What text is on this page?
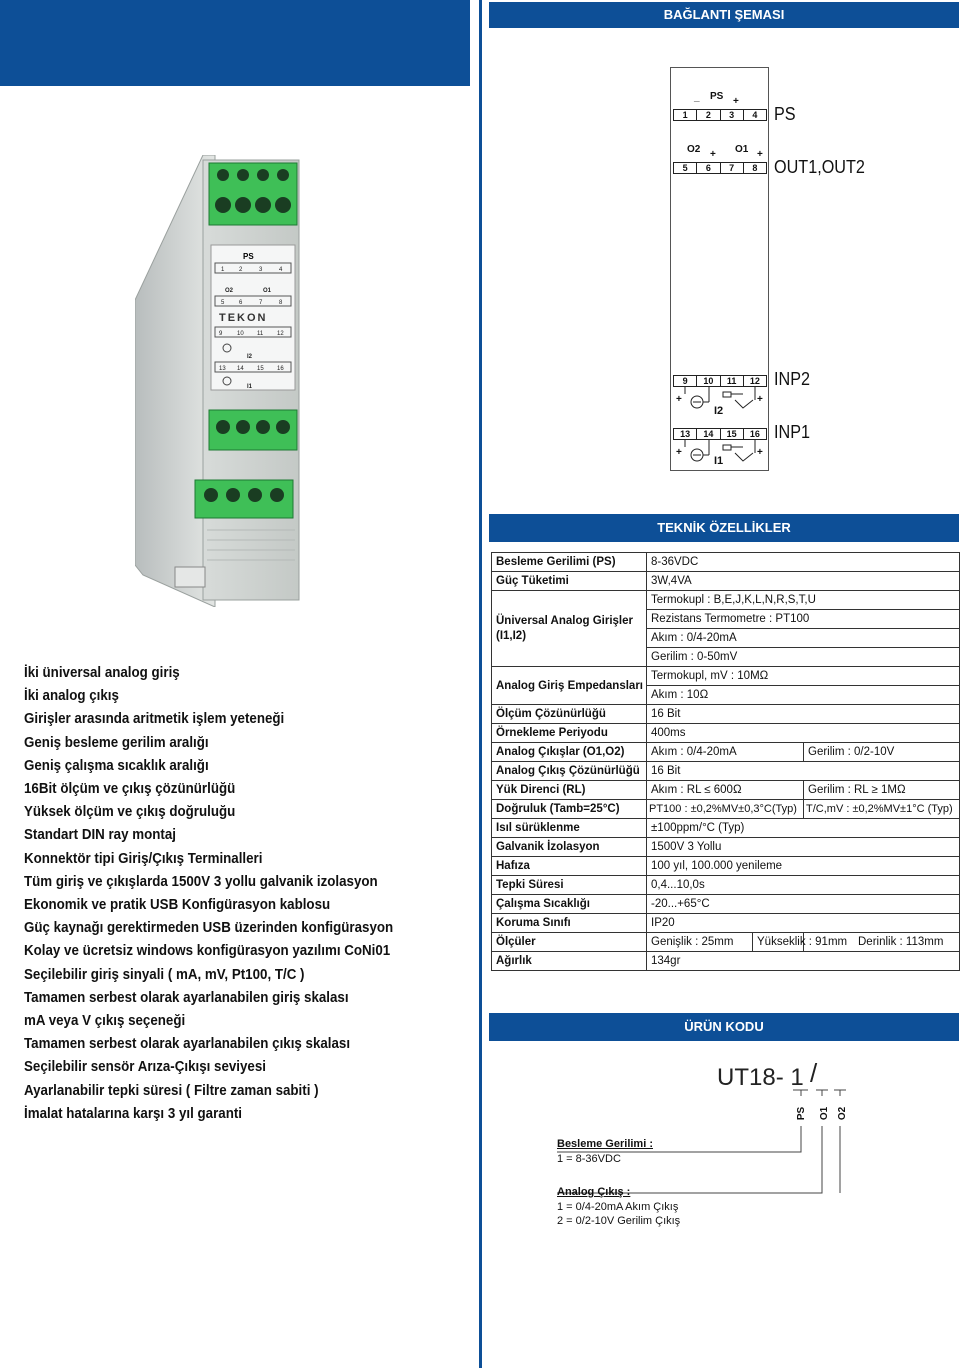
BAĞLANTI ŞEMASI
TEKNİK ÖZELLİKLER
ÜRÜN KODU
PS
1 2	3	4
O2	O1
5 6	7	8
TEKON
9 10 11 12
I2
13 14 15 16
I1
İki üniversal analog giriş
İki analog çıkış
Girişler arasında aritmetik işlem yeteneği
Geniş besleme gerilim aralığı
Geniş çalışma sıcaklık aralığı
16Bit ölçüm ve çıkış çözünürlüğü
Yüksek ölçüm ve çıkış doğruluğu
Standart DIN ray montaj
Konnektör tipi Giriş/Çıkış Terminalleri
Tüm giriş ve çıkışlarda 1500V 3 yollu galvanik izolasyon
Ekonomik ve pratik USB Konfigürasyon kablosu
Güç kaynağı gerektirmeden USB üzerinden konfigürasyon
Kolay ve ücretsiz windows konfigürasyon yazılımı CoNi01
Seçilebilir giriş sinyali ( mA, mV, Pt100, T/C )
Tamamen serbest olarak ayarlanabilen giriş skalası
mA veya V çıkış seçeneği
Tamamen serbest olarak ayarlanabilen çıkış skalası
Seçilebilir sensör Arıza-Çıkışı seviyesi
Ayarlanabilir tepki süresi ( Filtre zaman sabiti )
İmalat hatalarına karşı 3 yıl garanti
PS
_	+
1	2	3	4 PS
O2 + O1 +
5	6	7	8 OUT1,OUT2
9	10	11	12 INP2
I2
+	+
13	14	15	16 INP1
I1
+	+
Besleme Gerilimi (PS)	8-36VDC		
Güç Tüketimi	3W,4VA		
Üniversal Analog Girişler (I1,I2)	Termokupl : B,E,J,K,L,N,R,S,T,U		
	Rezistans Termometre : PT100		
	Akım : 0/4-20mA		
	Gerilim : 0-50mV		
Analog Giriş Empedansları	Termokupl, mV : 10MΩ		
	Akım : 10Ω		
Ölçüm Çözünürlüğü	16 Bit		
Örnekleme Periyodu	400ms		
Analog Çıkışlar (O1,O2)	Akım : 0/4-20mA		Gerilim : 0/2-10V
Analog Çıkış Çözünürlüğü	16 Bit		
Yük Direnci (RL)	Akım : RL ≤ 600Ω		Gerilim : RL ≥ 1MΩ
Doğruluk (Tamb=25°C)	PT100 : ±0,2%MV±0,3°C(Typ)		T/C,mV : ±0,2%MV±1°C (Typ)
Isıl sürüklenme	±100ppm/°C (Typ)		
Galvanik İzolasyon	1500V 3 Yollu		
Hafıza	100 yıl, 100.000 yenileme		
Tepki Süresi	0,4...10,0s		
Çalışma Sıcaklığı	-20...+65°C		
Koruma Sınıfı	IP20		
Ölçüler	Genişlik : 25mm	Yükseklik : 91mm	Derinlik : 113mm
Ağırlık	134gr		
UT18- 1 /
PS O1 O2
Besleme Gerilimi :
1 = 8-36VDC
Analog Çıkış :
1 = 0/4-20mA Akım Çıkış
2 = 0/2-10V Gerilim Çıkış
